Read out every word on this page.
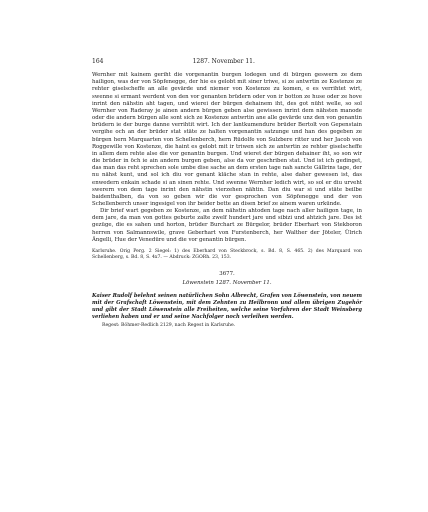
164	1287. November 11.

Wernher mit kainem geriht die vorgenantin burgen lodegen und di bürgen geswern ze dem hailigon, was der von Söpfenegge, der hie es gelobt mit siner triwe, si ze antwrtin ze Kostenze ze rehter giselscheffe an alle gevärde und niemer von Kostenze zu komen, e es verrihtet wirt, swenne si ermant werdent von den vor genanten brüdern oder von ir botton ze huse oder ze hove inrint den nähstin aht tagen, und wierei der bürgen dehainem iht, des got nüht welle, so sol Wernher von Raderay je ainen andern bürgen geben alse gewissen inrint dem nähsten manode oder die andern bürgen alle sont sich ze Kostenze antwrtin ane alle gevärde unz den von genantin brüdern ie der burge danne verrihtit wirt. Ich der lantkumendure brüder Bertolt von Gepenstain vergihe och an der brüder stat stäte ze halten vorgenantin satzunge und han des gegeben ze bürgen hern Marquarten von Schellenberch, hern Rüdolfe von Sulzbere ritter und her Jacob von Roggewille von Kostenze, die haint es gelobt mit ir triwen sich ze antwrtin ze rehter giselscheffe in allem dem rehte alse die vor genantin burgen. Und wieret der bürgen dehainer iht, so son wir die brüder in öch ie ain andern burgen geben, alse da vor geschriben stat. Und ist ich gedinget, das man das reht sprechen sole umbe dise sache an dem ersten tage nah sancte Gällrins tage, der nu nähst kunt, und sol ich diu vor genant kläche stan in rehte, alse daher gewesen ist, das enwedern enkain schade si an sinen rehte. Und swenne Wernher ledich wirt, so sol er diu urveht swerern von dem tage inrint den nähstin vierzehen nähtin. Dan diu war si und stäte beilbe baidenthalben, da von so geben wir die vor gesprochen von Söpfenegge und der von Schellenberch unser ingesigel von ihr beider bette an disen brief ze ainem waren urkünde.

Dir brief wart gegeben ze Kostenze, an dem nähstin ahtoden tage nach aller hailigon tage, in dem jare, da man von gottes geburte zalte zwelf hundert jare und sibizi und ahtzich jare. Des ist gezüge, die es sahen und horton, brüder Burchart ze Bürgelor, brüder Eberhart von Stekboron herren von Salmannswile, grave Geberhart von Furstenberch, her Walther der Jöteler, Ülrich Ängelli, Hue der Venedüre und die vor genantin bürgen.

Karlsruhe. Orig Perg. 2 Siegel: 1) des Eberhard von Steckbrock, s. Bd. 8, S. 465. 2) des Marquard von Schellenberg, s. Bd. 8, S. 4x7. — Abdruck: ZGORh. 23, 153.
3677.
Löwenstein 1287. November 11.
Kaiser Rudolf belehnt seinen natürlichen Sohn Albrecht, Grafen von Löwenstein, von neuem mit der Grafschaft Löwenstein, mit dem Zehnten zu Heilbronn und allem übrigen Zugehör und gibt der Stadt Löwenstein alle Freiheiten, welche seine Vorfahren der Stadt Weinsberg verliehen haben und er und seine Nachfolger noch verleihen werden.
Regest: Böhmer-Redlich 2129, nach Regest in Karlsruhe.
